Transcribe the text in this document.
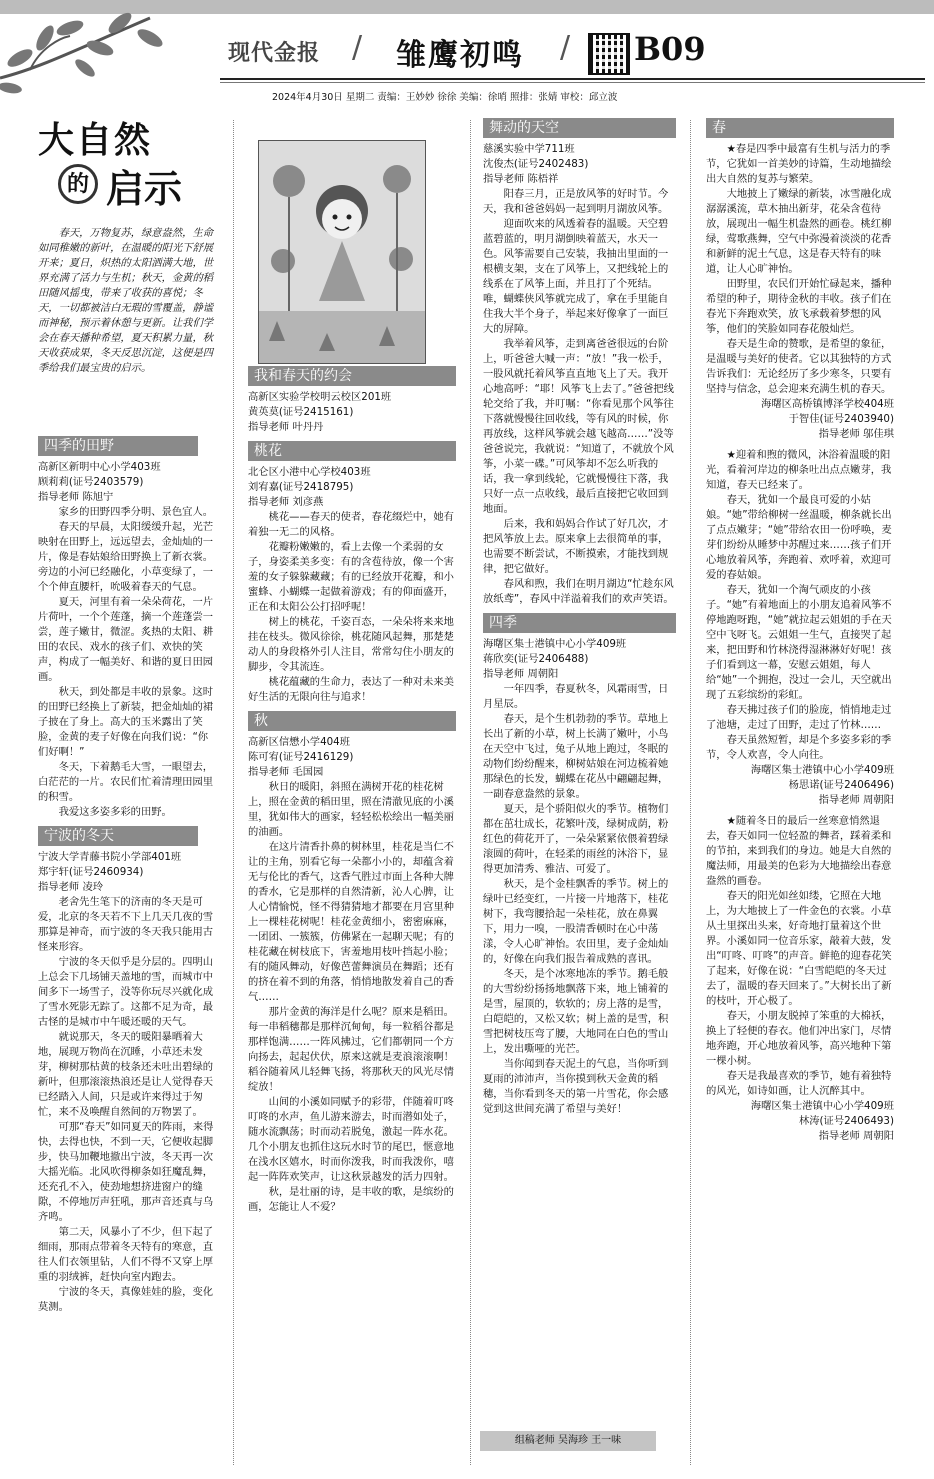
现代金报 / 雏鹰初鸣 / B09
2024年4月30日 星期二 责编：王妙妙 徐徐 美编：徐哨 照排：张婧 审校：邱立波
大自然
的 启示

春天，万物复苏，绿意盎然，生命如同稚嫩的新叶，在温暖的阳光下舒展开来；夏日，炽热的太阳洒满大地，世界充满了活力与生机；秋天，金黄的稻田随风摇曳，带来了收获的喜悦；冬天，一切都被洁白无瑕的雪覆盖，静谧而神秘，预示着休憩与更新。让我们学会在春天播种希望，夏天积累力量，秋天收获成果，冬天反思沉淀，这便是四季给我们最宝贵的启示。

四季的田野

高新区新明中心小学403班

顾莉莉(证号2403579)

指导老师 陈旭宁

家乡的田野四季分明、景色宜人。

春天的早晨，太阳缓缓升起，光芒映射在田野上，远远望去，金灿灿的一片，像是春姑娘给田野换上了新衣裳。旁边的小河已经融化，小草变绿了，一个个伸直腰杆，吮吸着春天的气息。

夏天，河里有着一朵朵荷花，一片片荷叶，一个个莲蓬，摘一个莲蓬尝一尝，莲子嫩甘，微涩。炙热的太阳、耕田的农民、戏水的孩子们、欢快的笑声，构成了一幅美好、和谐的夏日田园画。

秋天，到处都是丰收的景象。这时的田野已经换上了新装，把金灿灿的裙子披在了身上。高大的玉米露出了笑脸，金黄的麦子好像在向我们说：“你们好啊！”

冬天，下着鹅毛大雪，一眼望去，白茫茫的一片。农民们忙着清理田园里的积雪。

我爱这多姿多彩的田野。

宁波的冬天

宁波大学青藤书院小学部401班

郑宇轩(证号2460934)

指导老师 凌玲

老舍先生笔下的济南的冬天是可爱，北京的冬天若不下上几天几夜的雪那算是神奇，而宁波的冬天我只能用古怪来形容。

宁波的冬天似乎是分层的。四明山上总会下几场铺天盖地的雪，而城市中间多下一场雪子，没等你玩尽兴就化成了雪水死影无踪了。这都不足为奇，最古怪的是城市中午暖还暖的天气。

就说那天，冬天的暖阳暴晒着大地，展现万物尚在沉睡，小草还未发芽，柳树那枯黄的枝条还未吐出碧绿的新叶，但那滚滚热浪还是让人觉得春天已经踏入人间，只是或许来得过于匆忙，来不及唤醒自然间的万物罢了。

可那“春天”如同夏天的阵雨，来得快，去得也快，不到一天，它便收起脚步，快马加鞭地撤出宁波，冬天再一次大摇光临。北风吹得柳条如狂魔乱舞，还充孔不入，使劲地想挤进窗户的缝隙，不停地厉声狂吼，那声音还真与乌齐鸣。

第二天，风暴小了不少，但下起了细雨，那雨点带着冬天特有的寒意，直往人们衣领里钻，人们不得不又穿上厚重的羽绒裤，赶快向室内跑去。

宁波的冬天，真像娃娃的脸，变化莫测。

我和春天的约会

高新区实验学校明云校区201班

黄英莫(证号2415161)

指导老师 叶丹丹

桃花

北仑区小港中心学校403班

刘宥嘉(证号2418795)

指导老师 刘彦燕

桃花——春天的使者，春花缀烂中，她有着独一无二的风格。

花瓣粉嫩嫩的，看上去像一个柔弱的女子，身姿柔美多变：有的含苞待放，像一个害羞的女子躲躲藏藏；有的已经放开花瓣，和小蜜蜂、小蝴蝶一起做着游戏；有的仰面盛开，正在和太阳公公打招呼呢！

树上的桃花，千姿百态，一朵朵将来来地挂在枝头。微风徐徐，桃花随风起舞，那楚楚动人的身段格外引人注目，常常勾住小朋友的脚步，令其流连。

桃花蕴藏的生命力，表达了一种对未来美好生活的无限向往与追求！

秋

高新区信懋小学404班

陈可宥(证号2416129)

指导老师 毛国园

秋日的暖阳，斜照在满树开花的桂花树上，照在金黄的稻田里，照在清澈见底的小溪里，犹如伟大的画家，轻轻松松绘出一幅美丽的油画。

在这片清香扑鼻的树林里，桂花是当仁不让的主角，别看它每一朵都小小的，却蕴含着无与伦比的香气，这香气胜过市面上各种大牌的香水，它是那样的自然清新，沁人心脾，让人心情愉悦，怪不得猜猜地才都要在月宫里种上一棵桂花树呢！桂花金黄细小，密密麻麻，一团团、一簇簇，仿佛紧在一起聊天呢；有的桂花藏在树枝底下，害羞地用枝叶挡起小脸；有的随风舞动，好像芭蕾舞演员在舞蹈；还有的挤在着不到的角落，悄悄地散发着自己的香气……

那片金黄的海洋是什么呢？原来是稻田。每一串稻穗都是那样沉甸甸，每一粒稻谷都是那样饱满……一阵风拂过，它们都朝同一个方向扬去，起起伏伏，原来这就是麦浪滚滚啊！稻谷随着风儿轻舞飞扬，将那秋天的风光尽情绽放！

山间的小溪如同赋予的彩带，伴随着叮咚叮咚的水声，鱼儿游来游去，时而潜如处子，随水流飘荡；时而动若脱兔，激起一阵水花。几个小朋友也抓住这玩水时节的尾巴，惬意地在浅水区嬉水，时而你泼我，时而我泼你，嘻起一阵阵欢笑声，让这秋景越发的活力四射。

秋，是壮丽的诗，是丰收的歌，是缤纷的画，怎能让人不爱？

舞动的天空

慈溪实验中学711班

沈俊杰(证号2402483)

指导老师 陈梧祥

阳春三月，正是放风筝的好时节。今天，我和爸爸妈妈一起到明月湖放风筝。

迎面吹来的风透着春的温暖。天空碧蓝碧蓝的，明月湖倒映着蓝天，水天一色。风筝需要自己安装，我抽出里面的一根横支架，支在了风筝上，又把线轮上的线系在了风筝上面，并且打了个死结。唯，蝴蝶侠风筝就完成了，拿在手里能自住我大半个身子，举起来好像拿了一面巨大的屏障。

我举着风筝，走到离爸爸很远的台阶上，听爸爸大喊一声：“放！”我一松手，一股风就托着风筝直直地飞上了天。我开心地高呼：“耶！风筝飞上去了。”爸爸把线轮交给了我，并叮嘱：“你看见那个风筝往下落就慢慢往回收线，等有风的时候，你再放线，这样风筝就会越飞越高……”没等爸爸说完，我就说：“知道了，不就放个风筝，小菜一碟。”可风筝却不怎么听我的话，我一拿到线轮，它就慢慢往下落，我只好一点一点收线，最后直接把它收回到地面。

后来，我和妈妈合作试了好几次，才把风筝放上去。原来拿上去很简单的事，也需要不断尝试，不断摸索，才能找到规律，把它做好。

春风和煦，我们在明月湖边“忙趁东风放纸鸢”，春风中洋溢着我们的欢声笑语。

四季

海曙区集士港镇中心小学409班

蒋欣奕(证号2406488)

指导老师 周朝阳

一年四季，春夏秋冬，风霜雨雪，日月星辰。

春天，是个生机勃勃的季节。草地上长出了新的小草，树上长满了嫩叶，小鸟在天空中飞过，兔子从地上跑过，冬眠的动物们纷纷醒来，柳树姑娘在河边梳着她那绿色的长发，蝴蝶在花丛中翩翩起舞，一副春意盎然的景象。

夏天，是个骄阳似火的季节。植物们都在茁壮成长，花繁叶茂，绿树成荫，粉红色的荷花开了，一朵朵紧紧依偎着碧绿滚圆的荷叶，在轻柔的雨丝的沐浴下，显得更加清秀、雅洁、可爱了。

秋天，是个金桂飘香的季节。树上的绿叶已经变红，一片接一片地落下，桂花树下，我弯腰拾起一朵桂花，放在鼻翼下，用力一嗅，一股清香顿时在心中荡漾，令人心旷神怡。农田里，麦子金灿灿的，好像在向我们报告着成熟的喜讯。

冬天，是个冰寒地冻的季节。鹅毛般的大雪纷纷扬扬地飘落下来，地上铺着的是雪，屋顶的，软软的；房上落的是雪，白皑皑的，又松又软；树上盖的是雪，积雪把树枝压弯了腰，大地同在白色的雪山上，发出嘶哑的光芒。

当你闻到春天泥土的气息，当你听到夏雨的沛沛声，当你摸到秋天金黄的稻穗，当你看到冬天的第一片雪花，你会感觉到这世间充满了希望与美好！

组稿老师 吴海珍 王一味
春

★春是四季中最富有生机与活力的季节，它犹如一首美妙的诗篇，生动地描绘出大自然的复苏与繁荣。

大地披上了嫩绿的新装，冰雪融化成潺潺溪流，草木抽出新芽，花朵含苞待放，展现出一幅生机盎然的画卷。桃红柳绿，莺歌燕舞，空气中弥漫着淡淡的花香和新鲜的泥土气息，这是春天特有的味道，让人心旷神怡。

田野里，农民们开始忙碌起来，播种希望的种子，期待金秋的丰收。孩子们在春光下奔跑欢笑，放飞承载着梦想的风筝，他们的笑脸如同春花般灿烂。

春天是生命的赞歌，是希望的象征，是温暖与美好的使者。它以其独特的方式告诉我们：无论经历了多少寒冬，只要有坚持与信念，总会迎来充满生机的春天。

海曙区高桥镇博泽学校404班

于智佳(证号2403940)

指导老师 邬佳琪

★迎着和煦的微风，沐浴着温暖的阳光，看着河岸边的柳条吐出点点嫩芽，我知道，春天已经来了。

春天，犹如一个最良可爱的小姑娘。“她”带给柳树一丝温暖，柳条就长出了点点嫩芽；“她”带给农田一份呼唤，麦芽们纷纷从睡梦中苏醒过来……孩子们开心地放着风筝，奔跑着、欢呼着，欢迎可爱的春姑娘。

春天，犹如一个淘气顽皮的小孩子。“她”有着地面上的小朋友追着风筝不停地跑呀跑，“她”就拉起云姐姐的手在天空中飞呀飞。云姐姐一生气，直接哭了起来，把田野和竹林浇得湿淋淋好好呢！孩子们看到这一幕，安慰云姐姐，每人给“她”一个拥抱，没过一会儿，天空就出现了五彩缤纷的彩虹。

春天拂过孩子们的脸庞，悄悄地走过了池塘，走过了田野，走过了竹林……

春天虽然短暂，却是个多姿多彩的季节，令人欢喜，令人向往。

海曙区集士港镇中心小学409班

杨思诺(证号2406496)

指导老师 周朝阳

★随着冬日的最后一丝寒意悄然退去，春天如同一位轻盈的舞者，踩着柔和的节拍，来到我们的身边。她是大自然的魔法师，用最美的色彩为大地描绘出春意盎然的画卷。

春天的阳光如丝如缕，它照在大地上，为大地披上了一件金色的衣裳。小草从土里探出头来，好奇地打量着这个世界。小溪如同一位音乐家，敲着大鼓，发出“叮咚、叮咚”的声音。鲜艳的迎春花笑了起来，好像在说：“白雪皑皑的冬天过去了，温暖的春天回来了。”大树长出了新的枝叶，开心极了。

春天，小朋友脱掉了笨重的大棉袄，换上了轻便的春衣。他们冲出家门，尽情地奔跑，开心地放着风筝，高兴地种下第一棵小树。

春天是我最喜欢的季节，她有着独特的风光，如诗如画，让人沉醉其中。

海曙区集士港镇中心小学409班

林涛(证号2406493)

指导老师 周朝阳
